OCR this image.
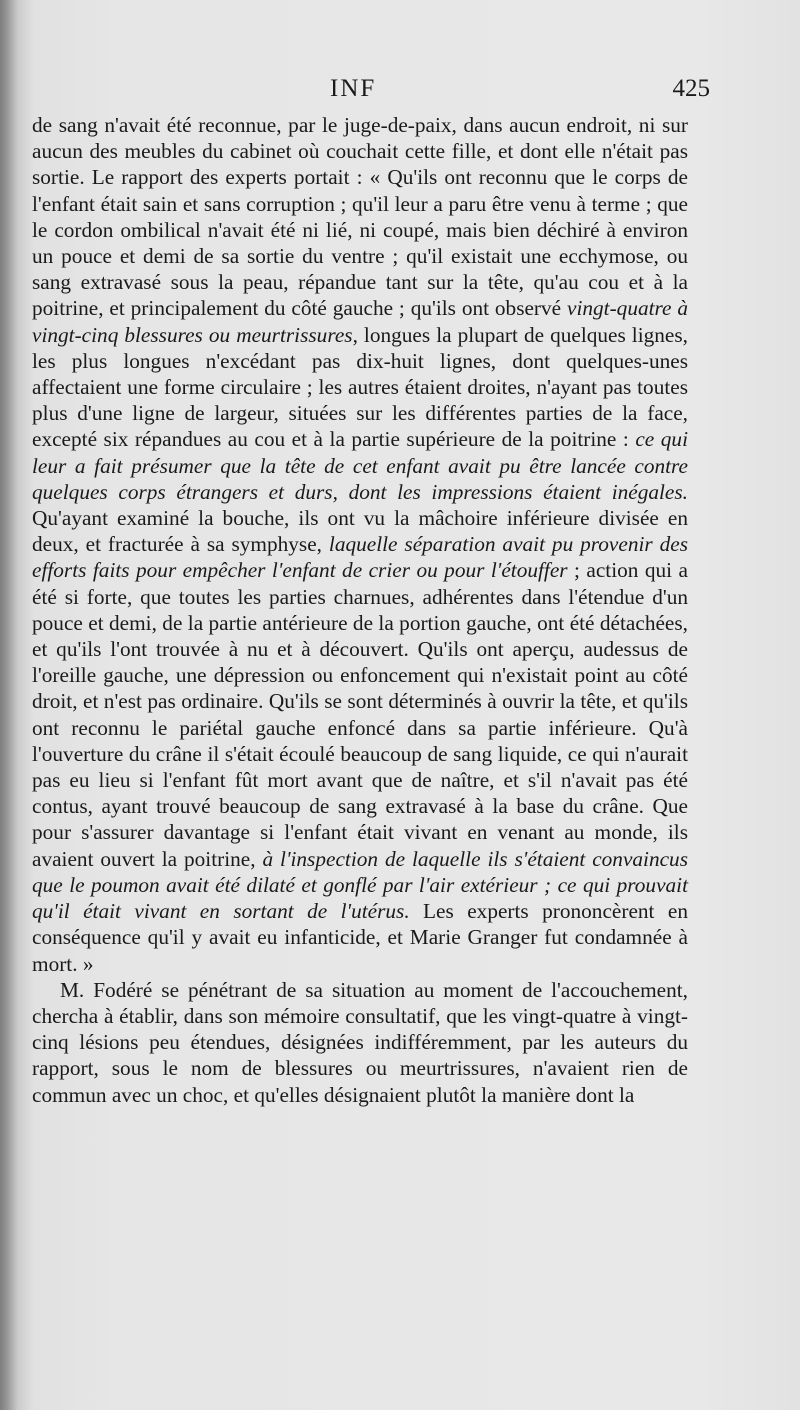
INF	425

de sang n'avait été reconnue, par le juge-de-paix, dans aucun endroit, ni sur aucun des meubles du cabinet où couchait cette fille, et dont elle n'était pas sortie. Le rapport des experts portait : « Qu'ils ont reconnu que le corps de l'enfant était sain et sans corruption ; qu'il leur a paru être venu à terme ; que le cordon ombilical n'avait été ni lié, ni coupé, mais bien déchiré à environ un pouce et demi de sa sortie du ventre ; qu'il existait une ecchymose, ou sang extravasé sous la peau, répandue tant sur la tête, qu'au cou et à la poitrine, et principalement du côté gauche ; qu'ils ont observé vingt-quatre à vingt-cinq blessures ou meurtrissures, longues la plupart de quelques lignes, les plus longues n'excédant pas dix-huit lignes, dont quelques-unes affectaient une forme circulaire ; les autres étaient droites, n'ayant pas toutes plus d'une ligne de largeur, situées sur les différentes parties de la face, excepté six répandues au cou et à la partie supérieure de la poitrine : ce qui leur a fait présumer que la tête de cet enfant avait pu être lancée contre quelques corps étrangers et durs, dont les impressions étaient inégales. Qu'ayant examiné la bouche, ils ont vu la mâchoire inférieure divisée en deux, et fracturée à sa symphyse, laquelle séparation avait pu provenir des efforts faits pour empêcher l'enfant de crier ou pour l'étouffer ; action qui a été si forte, que toutes les parties charnues, adhérentes dans l'étendue d'un pouce et demi, de la partie antérieure de la portion gauche, ont été détachées, et qu'ils l'ont trouvée à nu et à découvert. Qu'ils ont aperçu, audessus de l'oreille gauche, une dépression ou enfoncement qui n'existait point au côté droit, et n'est pas ordinaire. Qu'ils se sont déterminés à ouvrir la tête, et qu'ils ont reconnu le pariétal gauche enfoncé dans sa partie inférieure. Qu'à l'ouverture du crâne il s'était écoulé beaucoup de sang liquide, ce qui n'aurait pas eu lieu si l'enfant fût mort avant que de naître, et s'il n'avait pas été contus, ayant trouvé beaucoup de sang extravasé à la base du crâne. Que pour s'assurer davantage si l'enfant était vivant en venant au monde, ils avaient ouvert la poitrine, à l'inspection de laquelle ils s'étaient convaincus que le poumon avait été dilaté et gonflé par l'air extérieur ; ce qui prouvait qu'il était vivant en sortant de l'utérus. Les experts prononcèrent en conséquence qu'il y avait eu infanticide, et Marie Granger fut condamnée à mort. »

M. Fodéré se pénétrant de sa situation au moment de l'accouchement, chercha à établir, dans son mémoire consultatif, que les vingt-quatre à vingt-cinq lésions peu étendues, désignées indifféremment, par les auteurs du rapport, sous le nom de blessures ou meurtrissures, n'avaient rien de commun avec un choc, et qu'elles désignaient plutôt la manière dont la
